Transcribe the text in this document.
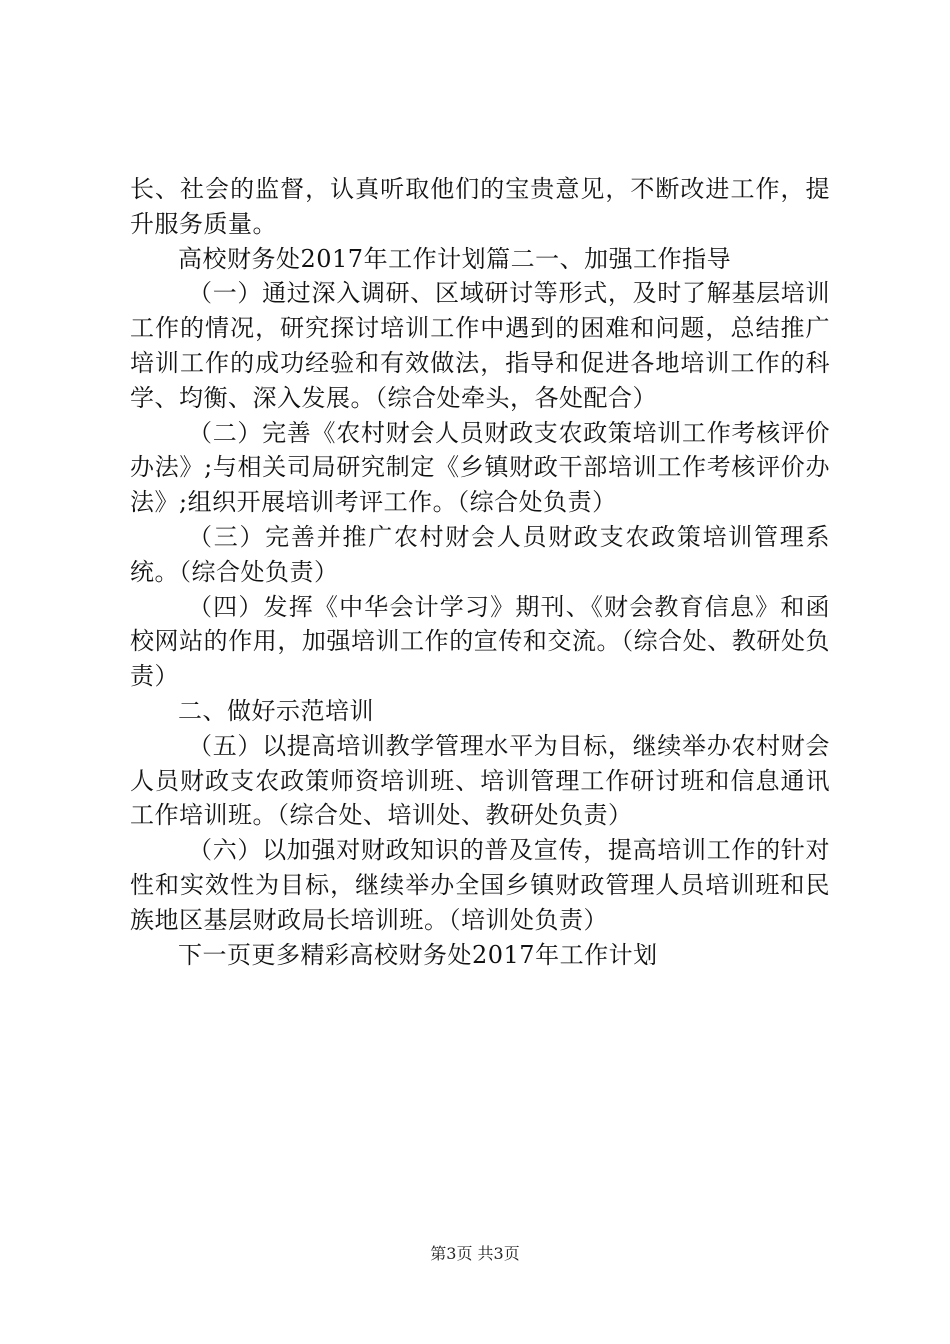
长、社会的监督，认真听取他们的宝贵意见，不断改进工作，提升服务质量。

高校财务处2017年工作计划篇二一、加强工作指导

（一）通过深入调研、区域研讨等形式，及时了解基层培训工作的情况，研究探讨培训工作中遇到的困难和问题，总结推广培训工作的成功经验和有效做法，指导和促进各地培训工作的科学、均衡、深入发展。（综合处牵头，各处配合）

（二）完善《农村财会人员财政支农政策培训工作考核评价办法》;与相关司局研究制定《乡镇财政干部培训工作考核评价办法》;组织开展培训考评工作。（综合处负责）

（三）完善并推广农村财会人员财政支农政策培训管理系统。（综合处负责）

（四）发挥《中华会计学习》期刊、《财会教育信息》和函校网站的作用，加强培训工作的宣传和交流。（综合处、教研处负责）

二、做好示范培训

（五）以提高培训教学管理水平为目标，继续举办农村财会人员财政支农政策师资培训班、培训管理工作研讨班和信息通讯工作培训班。（综合处、培训处、教研处负责）

（六）以加强对财政知识的普及宣传，提高培训工作的针对性和实效性为目标，继续举办全国乡镇财政管理人员培训班和民族地区基层财政局长培训班。（培训处负责）

下一页更多精彩高校财务处2017年工作计划

第3页 共3页
